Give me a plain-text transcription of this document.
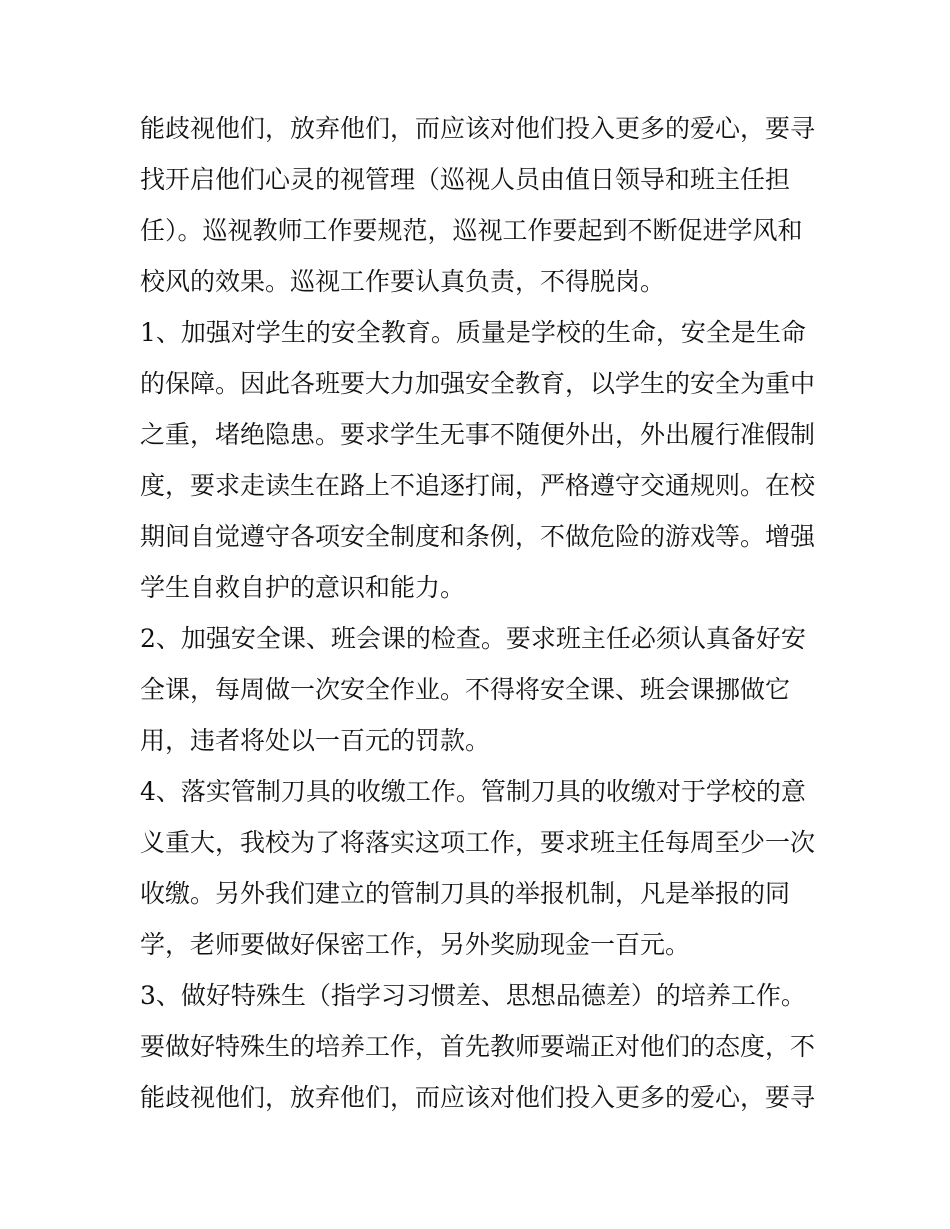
能歧视他们，放弃他们，而应该对他们投入更多的爱心，要寻
找开启他们心灵的视管理（巡视人员由值日领导和班主任担
任）。巡视教师工作要规范，巡视工作要起到不断促进学风和
校风的效果。巡视工作要认真负责，不得脱岗。
1、加强对学生的安全教育。质量是学校的生命，安全是生命
的保障。因此各班要大力加强安全教育，以学生的安全为重中
之重，堵绝隐患。要求学生无事不随便外出，外出履行准假制
度，要求走读生在路上不追逐打闹，严格遵守交通规则。在校
期间自觉遵守各项安全制度和条例，不做危险的游戏等。增强
学生自救自护的意识和能力。
2、加强安全课、班会课的检查。要求班主任必须认真备好安
全课，每周做一次安全作业。不得将安全课、班会课挪做它
用，违者将处以一百元的罚款。
4、落实管制刀具的收缴工作。管制刀具的收缴对于学校的意
义重大，我校为了将落实这项工作，要求班主任每周至少一次
收缴。另外我们建立的管制刀具的举报机制，凡是举报的同
学，老师要做好保密工作，另外奖励现金一百元。
3、做好特殊生（指学习习惯差、思想品德差）的培养工作。
要做好特殊生的培养工作，首先教师要端正对他们的态度，不
能歧视他们，放弃他们，而应该对他们投入更多的爱心，要寻
